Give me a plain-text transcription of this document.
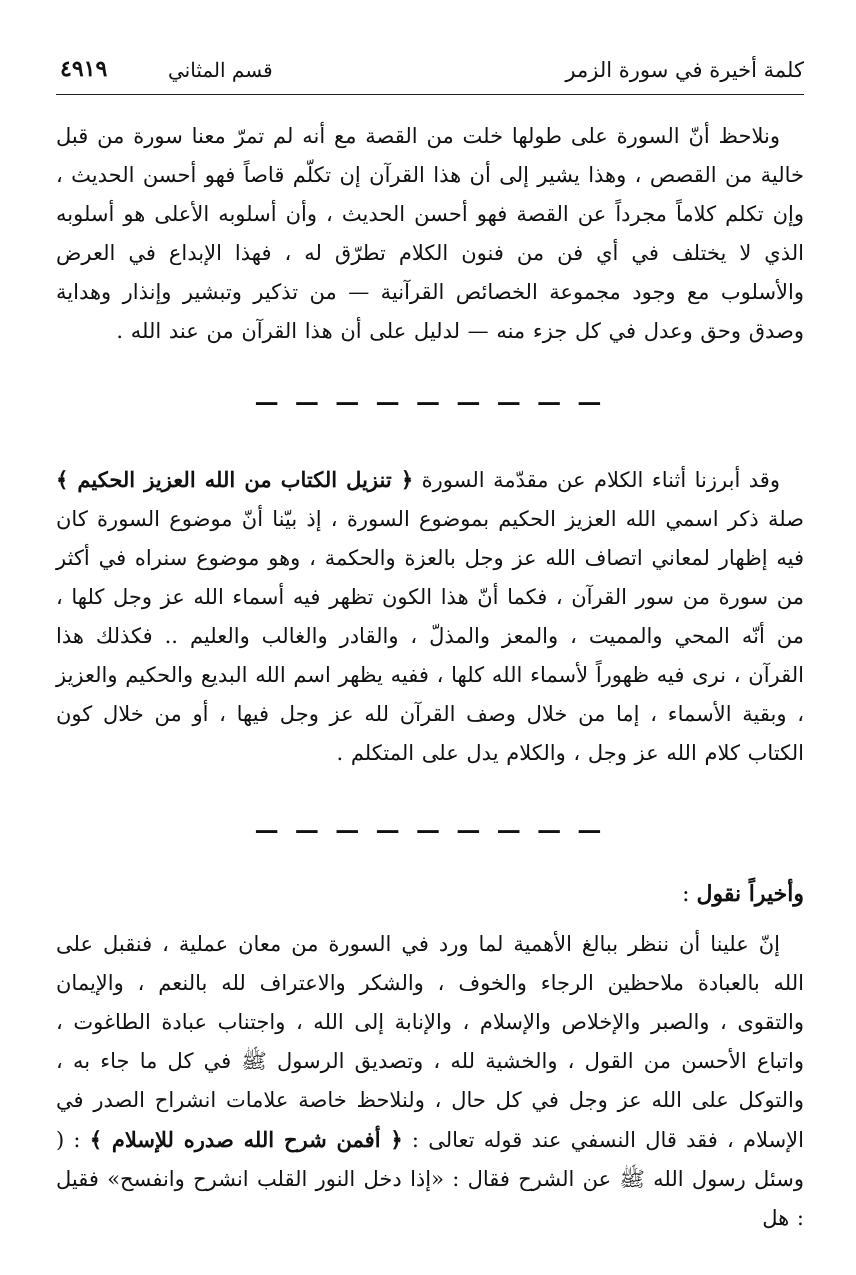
كلمة أخيرة في سورة الزمر
قسم المثاني
٤٩١٩

ونلاحظ أنّ السورة على طولها خلت من القصة مع أنه لم تمرّ معنا سورة من قبل خالية من القصص ، وهذا يشير إلى أن هذا القرآن إن تكلّم قاصاً فهو أحسن الحديث ، وإن تكلم كلاماً مجرداً عن القصة فهو أحسن الحديث ، وأن أسلوبه الأعلى هو أسلوبه الذي لا يختلف في أي فن من فنون الكلام تطرّق له ، فهذا الإبداع في العرض والأسلوب مع وجود مجموعة الخصائص القرآنية — من تذكير وتبشير وإنذار وهداية وصدق وحق وعدل في كل جزء منه — لدليل على أن هذا القرآن من عند الله .

— — — — — — — — —

وقد أبرزنا أثناء الكلام عن مقدّمة السورة ﴿ تنزيل الكتاب من الله العزيز الحكيم ﴾ صلة ذكر اسمي الله العزيز الحكيم بموضوع السورة ، إذ بيّنا أنّ موضوع السورة كان فيه إظهار لمعاني اتصاف الله عز وجل بالعزة والحكمة ، وهو موضوع سنراه في أكثر من سورة من سور القرآن ، فكما أنّ هذا الكون تظهر فيه أسماء الله عز وجل كلها ، من أنّه المحي والمميت ، والمعز والمذلّ ، والقادر والغالب والعليم .. فكذلك هذا القرآن ، نرى فيه ظهوراً لأسماء الله كلها ، ففيه يظهر اسم الله البديع والحكيم والعزيز ، وبقية الأسماء ، إما من خلال وصف القرآن لله عز وجل فيها ، أو من خلال كون الكتاب كلام الله عز وجل ، والكلام يدل على المتكلم .

— — — — — — — — —
وأخيراً نقول :

إنّ علينا أن ننظر ببالغ الأهمية لما ورد في السورة من معان عملية ، فنقبل على الله بالعبادة ملاحظين الرجاء والخوف ، والشكر والاعتراف لله بالنعم ، والإيمان والتقوى ، والصبر والإخلاص والإسلام ، والإنابة إلى الله ، واجتناب عبادة الطاغوت ، واتباع الأحسن من القول ، والخشية لله ، وتصديق الرسول ﷺ في كل ما جاء به ، والتوكل على الله عز وجل في كل حال ، ولنلاحظ خاصة علامات انشراح الصدر في الإسلام ، فقد قال النسفي عند قوله تعالى : ﴿ أفمن شرح الله صدره للإسلام ﴾ : ( وسئل رسول الله ﷺ عن الشرح فقال : «إذا دخل النور القلب انشرح وانفسح» فقيل : هل
